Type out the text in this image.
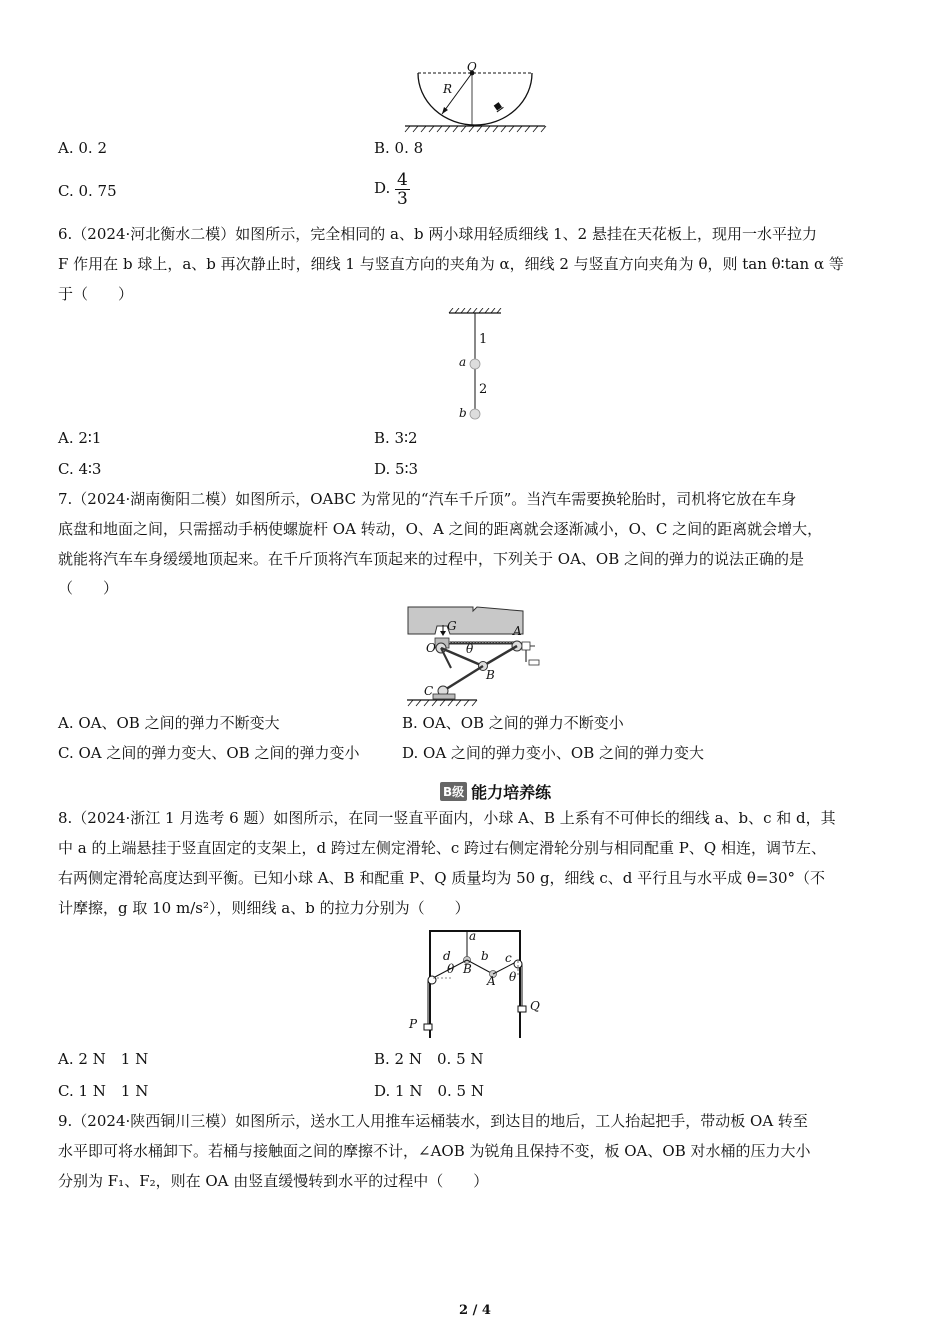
O
R
A. 0. 2	B. 0. 8
C. 0. 75	D. $\frac{4}{3}$
6.（2024·河北衡水二模）如图所示，完全相同的 a、b 两小球用轻质细线 1、2 悬挂在天花板上，现用一水平拉力
F 作用在 b 球上，a、b 再次静止时，细线 1 与竖直方向的夹角为 α，细线 2 与竖直方向夹角为 θ，则 tan θ∶tan α 等
于（　　）
1
2
a
b
A. 2∶1	B. 3∶2
C. 4∶3	D. 5∶3
7.（2024·湖南衡阳二模）如图所示，OABC 为常见的“汽车千斤顶”。当汽车需要换轮胎时，司机将它放在车身
底盘和地面之间，只需摇动手柄使螺旋杆 OA 转动，O、A 之间的距离就会逐渐减小，O、C 之间的距离就会增大，
就能将汽车车身缓缓地顶起来。在千斤顶将汽车顶起来的过程中，下列关于 OA、OB 之间的弹力的说法正确的是
（　　）
G	A
O	θ
B
C
A. OA、OB 之间的弹力不断变大	B. OA、OB 之间的弹力不断变小
C. OA 之间的弹力变大、OB 之间的弹力变小	D. OA 之间的弹力变小、OB 之间的弹力变大
B级 能力培养练
8.（2024·浙江 1 月选考 6 题）如图所示，在同一竖直平面内，小球 A、B 上系有不可伸长的细线 a、b、c 和 d，其
中 a 的上端悬挂于竖直固定的支架上，d 跨过左侧定滑轮、c 跨过右侧定滑轮分别与相同配重 P、Q 相连，调节左、
右两侧定滑轮高度达到平衡。已知小球 A、B 和配重 P、Q 质量均为 50 g，细线 c、d 平行且与水平成 θ=30°（不
计摩擦，g 取 10 m/s²），则细线 a、b 的拉力分别为（　　）
a
d
θ B
b c
A θ
P
Q
A. 2 N　1 N	B. 2 N　0. 5 N
C. 1 N　1 N	D. 1 N　0. 5 N
9.（2024·陕西铜川三模）如图所示，送水工人用推车运桶装水，到达目的地后，工人抬起把手，带动板 OA 转至
水平即可将水桶卸下。若桶与接触面之间的摩擦不计，∠AOB 为锐角且保持不变，板 OA、OB 对水桶的压力大小
分别为 F₁、F₂，则在 OA 由竖直缓慢转到水平的过程中（　　）
2 / 4
